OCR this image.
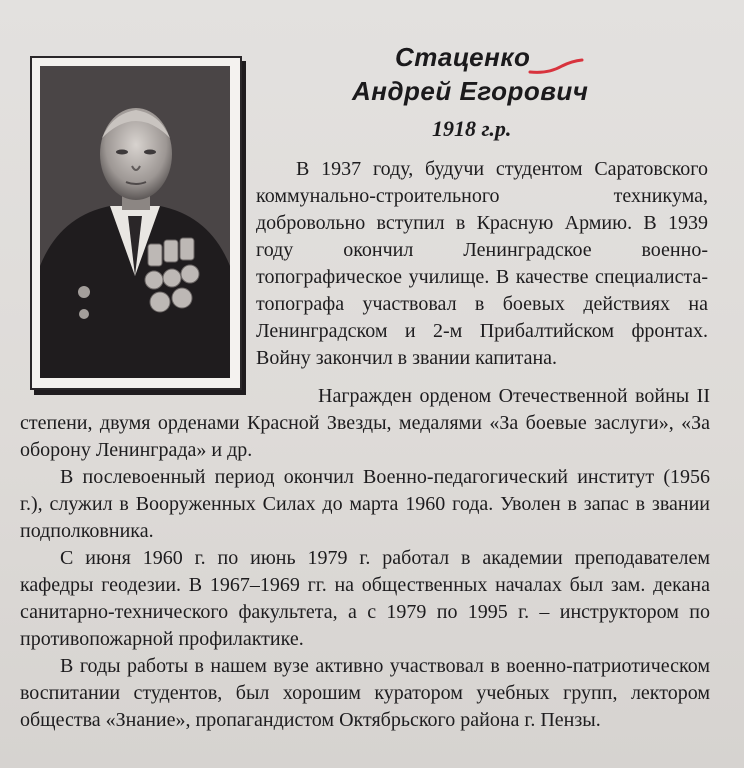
Стаценко
Андрей Егорович
1918 г.р.

В 1937 году, будучи студентом Саратовского коммунально-строительного техникума, добровольно вступил в Красную Армию. В 1939 году окончил Ленинградское военно-топографическое училище. В качестве специалиста-топографа участвовал в боевых действиях на Ленинградском и 2-м Прибалтийском фронтах. Войну закончил в звании капитана.

Награжден орденом Отечественной войны II степени, двумя орденами Красной Звезды, медалями «За боевые заслуги», «За оборону Ленинграда» и др.

В послевоенный период окончил Военно-педагогический институт (1956 г.), служил в Вооруженных Силах до марта 1960 года. Уволен в запас в звании подполковника.

С июня 1960 г. по июнь 1979 г. работал в академии преподавателем кафедры геодезии. В 1967–1969 гг. на общественных началах был зам. декана санитарно-технического факультета, а с 1979 по 1995 г. – инструктором по противопожарной профилактике.

В годы работы в нашем вузе активно участвовал в военно-патриотическом воспитании студентов, был хорошим куратором учебных групп, лектором общества «Знание», пропагандистом Октябрьского района г. Пензы.
